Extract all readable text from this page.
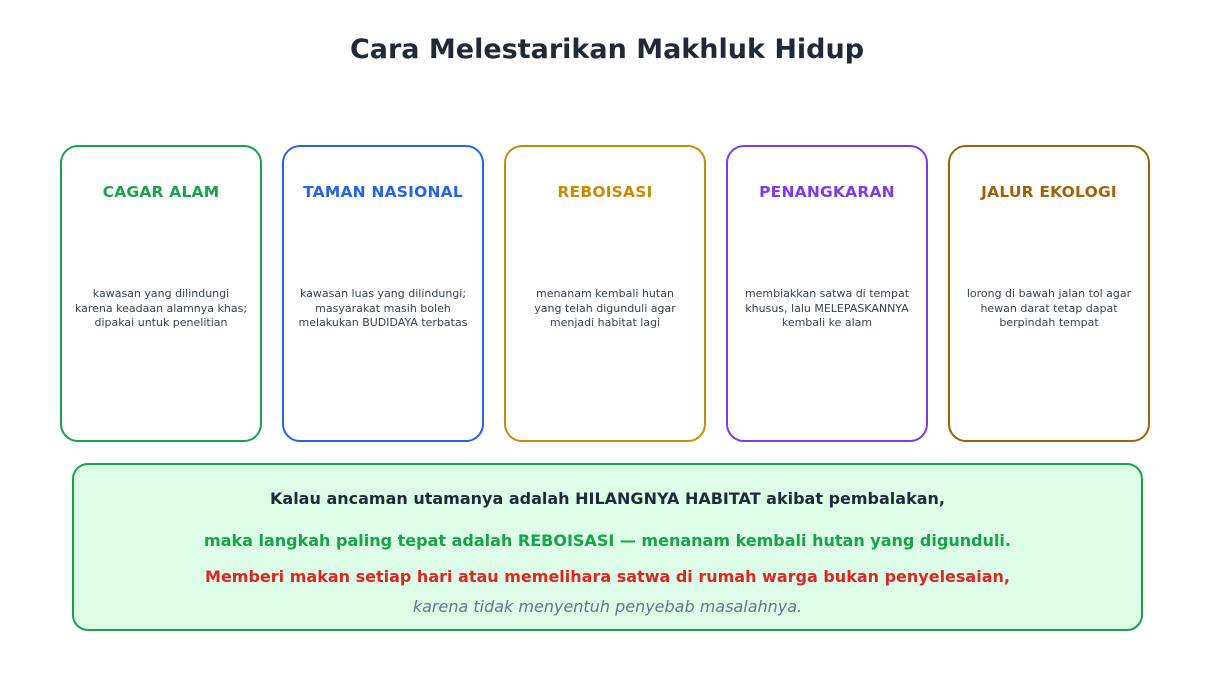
Cara Melestarikan Makhluk Hidup
CAGAR ALAM
kawasan yang dilindungi
karena keadaan alamnya khas;
dipakai untuk penelitian
TAMAN NASIONAL
kawasan luas yang dilindungi;
masyarakat masih boleh
melakukan BUDIDAYA terbatas
REBOISASI
menanam kembali hutan
yang telah digunduli agar
menjadi habitat lagi
PENANGKARAN
membiakkan satwa di tempat
khusus, lalu MELEPASKANNYA
kembali ke alam
JALUR EKOLOGI
lorong di bawah jalan tol agar
hewan darat tetap dapat
berpindah tempat
Kalau ancaman utamanya adalah HILANGNYA HABITAT akibat pembalakan,
maka langkah paling tepat adalah REBOISASI — menanam kembali hutan yang digunduli.
Memberi makan setiap hari atau memelihara satwa di rumah warga bukan penyelesaian,
karena tidak menyentuh penyebab masalahnya.
